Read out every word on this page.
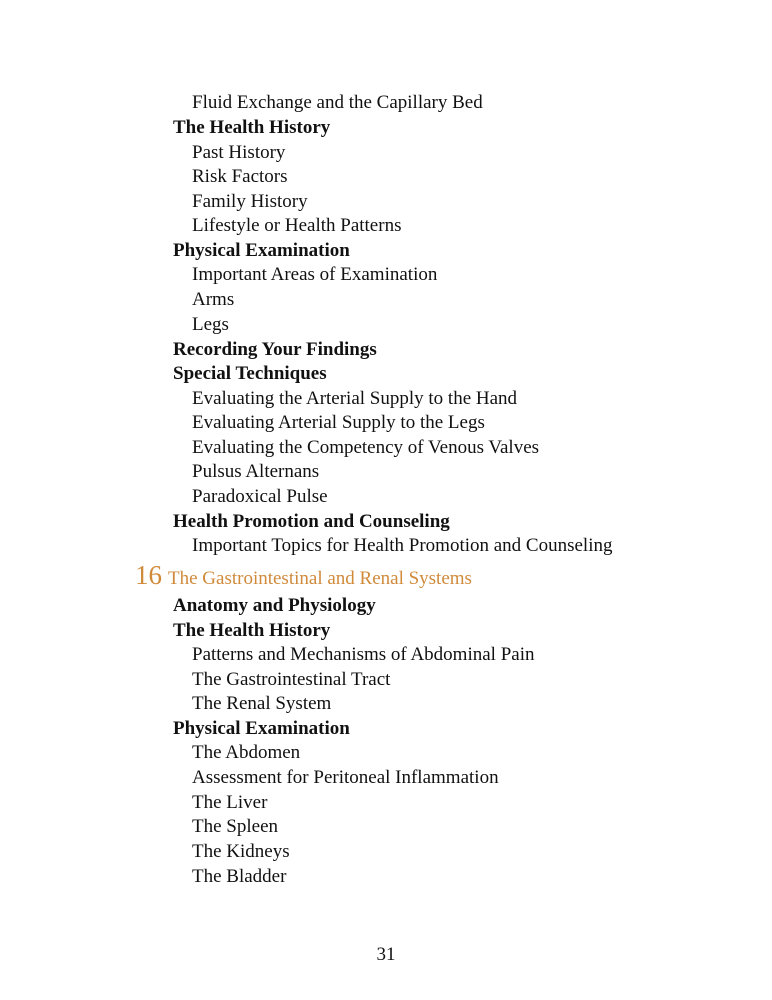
Fluid Exchange and the Capillary Bed
The Health History
Past History
Risk Factors
Family History
Lifestyle or Health Patterns
Physical Examination
Important Areas of Examination
Arms
Legs
Recording Your Findings
Special Techniques
Evaluating the Arterial Supply to the Hand
Evaluating Arterial Supply to the Legs
Evaluating the Competency of Venous Valves
Pulsus Alternans
Paradoxical Pulse
Health Promotion and Counseling
Important Topics for Health Promotion and Counseling
16 The Gastrointestinal and Renal Systems
Anatomy and Physiology
The Health History
Patterns and Mechanisms of Abdominal Pain
The Gastrointestinal Tract
The Renal System
Physical Examination
The Abdomen
Assessment for Peritoneal Inflammation
The Liver
The Spleen
The Kidneys
The Bladder
31
